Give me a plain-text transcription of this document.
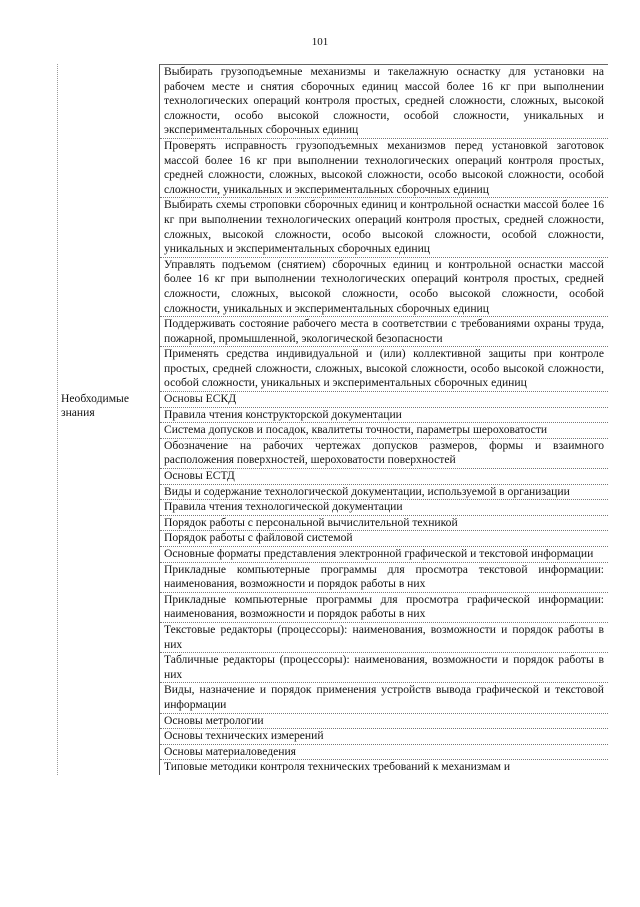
101
	Выбирать грузоподъемные механизмы и такелажную оснастку для установки на рабочем месте и снятия сборочных единиц массой более 16 кг при выполнении технологических операций контроля простых, средней сложности, сложных, высокой сложности, особо высокой сложности, особой сложности, уникальных и экспериментальных сборочных единиц
	Проверять исправность грузоподъемных механизмов перед установкой заготовок массой более 16 кг при выполнении технологических операций контроля простых, средней сложности, сложных, высокой сложности, особо высокой сложности, особой сложности, уникальных и экспериментальных сборочных единиц
	Выбирать схемы строповки сборочных единиц и контрольной оснастки массой более 16 кг при выполнении технологических операций контроля простых, средней сложности, сложных, высокой сложности, особо высокой сложности, особой сложности, уникальных и экспериментальных сборочных единиц
	Управлять подъемом (снятием) сборочных единиц и контрольной оснастки массой более 16 кг при выполнении технологических операций контроля простых, средней сложности, сложных, высокой сложности, особо высокой сложности, особой сложности, уникальных и экспериментальных сборочных единиц
	Поддерживать состояние рабочего места в соответствии с требованиями охраны труда, пожарной, промышленной, экологической безопасности
	Применять средства индивидуальной и (или) коллективной защиты при контроле простых, средней сложности, сложных, высокой сложности, особо высокой сложности, особой сложности, уникальных и экспериментальных сборочных единиц

Необходимые знания	Основы ЕСКД
	Правила чтения конструкторской документации
	Система допусков и посадок, квалитеты точности, параметры шероховатости
	Обозначение на рабочих чертежах допусков размеров, формы и взаимного расположения поверхностей, шероховатости поверхностей
	Основы ЕСТД
	Виды и содержание технологической документации, используемой в организации
	Правила чтения технологической документации
	Порядок работы с персональной вычислительной техникой
	Порядок работы с файловой системой
	Основные форматы представления электронной графической и текстовой информации
	Прикладные компьютерные программы для просмотра текстовой информации: наименования, возможности и порядок работы в них
	Прикладные компьютерные программы для просмотра графической информации: наименования, возможности и порядок работы в них
	Текстовые редакторы (процессоры): наименования, возможности и порядок работы в них
	Табличные редакторы (процессоры): наименования, возможности и порядок работы в них
	Виды, назначение и порядок применения устройств вывода графической и текстовой информации
	Основы метрологии
	Основы технических измерений
	Основы материаловедения
	Типовые методики контроля технических требований к механизмам и
